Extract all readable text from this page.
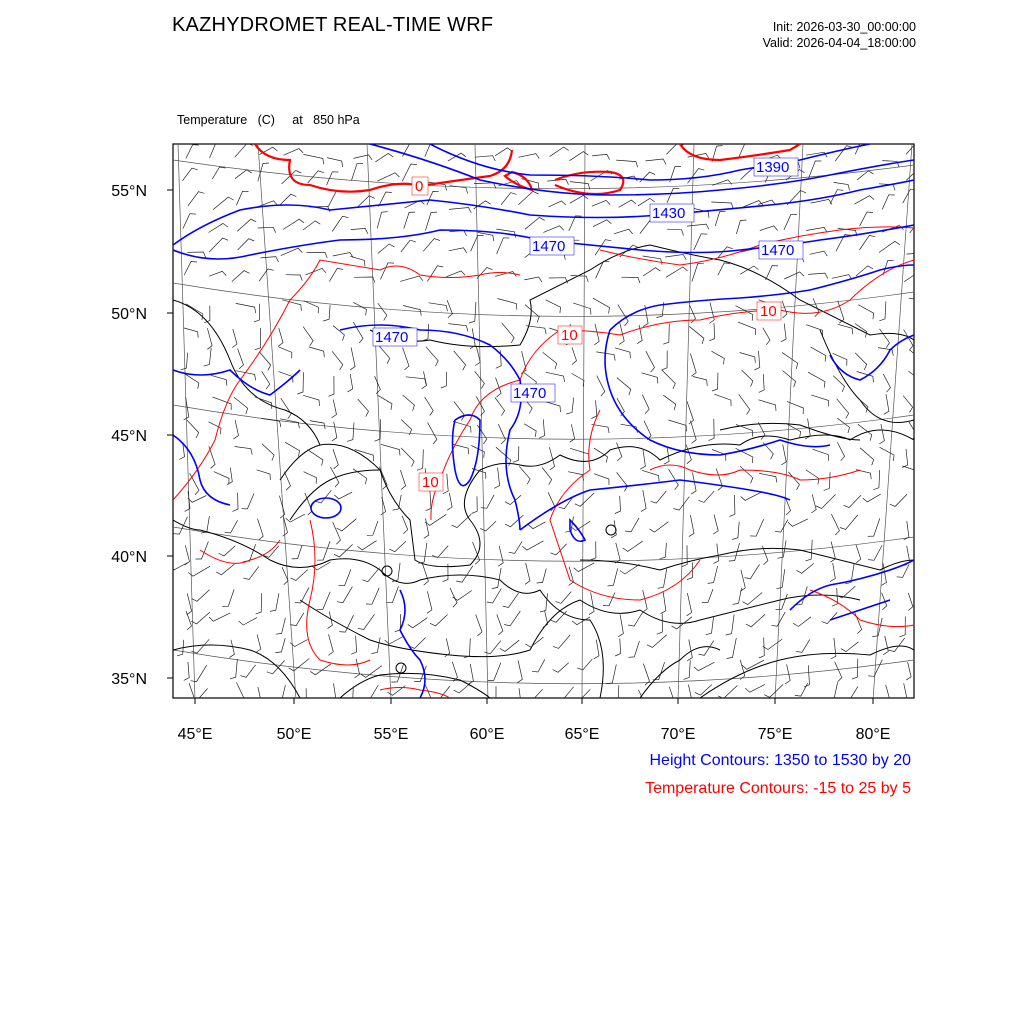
KAZHYDROMET REAL-TIME WRF	Init: 2026-03-30_00:00:00
Valid: 2026-04-04_18:00:00

Temperature   (C)     at   850 hPa

1390
1430
1470	1470
1470
1470
0
10
10
10
55°N
50°N
45°N
40°N
35°N
45°E	50°E	55°E	60°E	65°E	70°E	75°E	80°E
Height Contours: 1350 to 1530 by 20
Temperature Contours: -15 to 25 by 5
